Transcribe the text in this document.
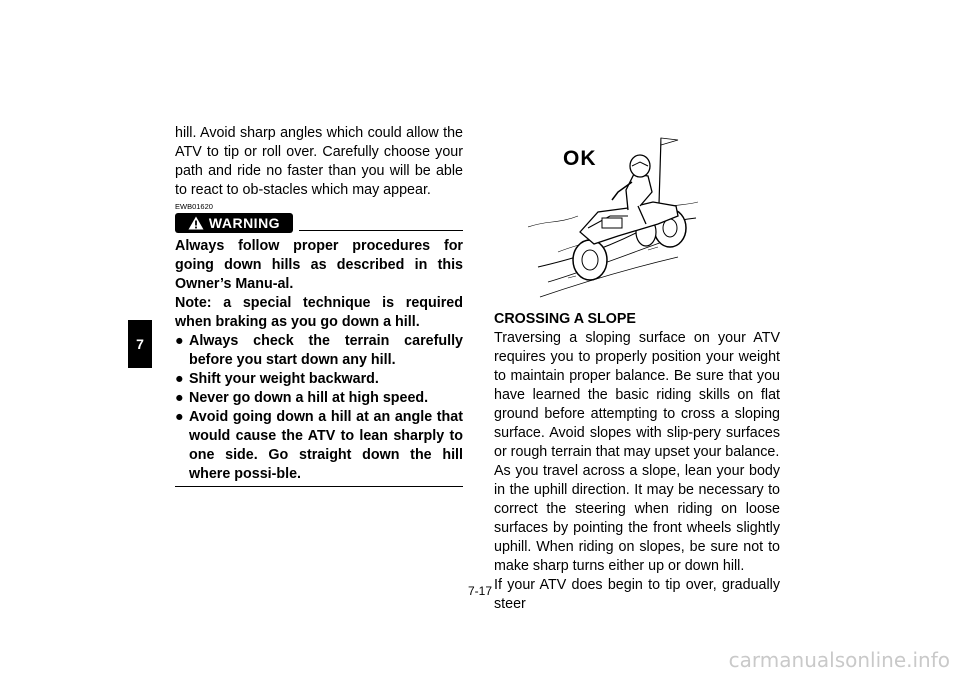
7

hill. Avoid sharp angles which could allow the ATV to tip or roll over. Carefully choose your path and ride no faster than you will be able to react to ob-stacles which may appear.

EWB01620
WARNING

Always follow proper procedures for going down hills as described in this Owner’s Manu-al.

Note: a special technique is required when braking as you go down a hill.

● Always check the terrain carefully before you start down any hill.

● Shift your weight backward.

● Never go down a hill at high speed.

● Avoid going down a hill at an angle that would cause the ATV to lean sharply to one side. Go straight down the hill where possi-ble.

OK

CROSSING A SLOPE

Traversing a sloping surface on your ATV requires you to properly position your weight to maintain proper balance. Be sure that you have learned the basic riding skills on flat ground before attempting to cross a sloping surface. Avoid slopes with slip-pery surfaces or rough terrain that may upset your balance.

As you travel across a slope, lean your body in the uphill direction. It may be necessary to correct the steering when riding on loose surfaces by pointing the front wheels slightly uphill. When riding on slopes, be sure not to make sharp turns either up or down hill.

If your ATV does begin to tip over, gradually steer

7-17
carmanualsonline.info
